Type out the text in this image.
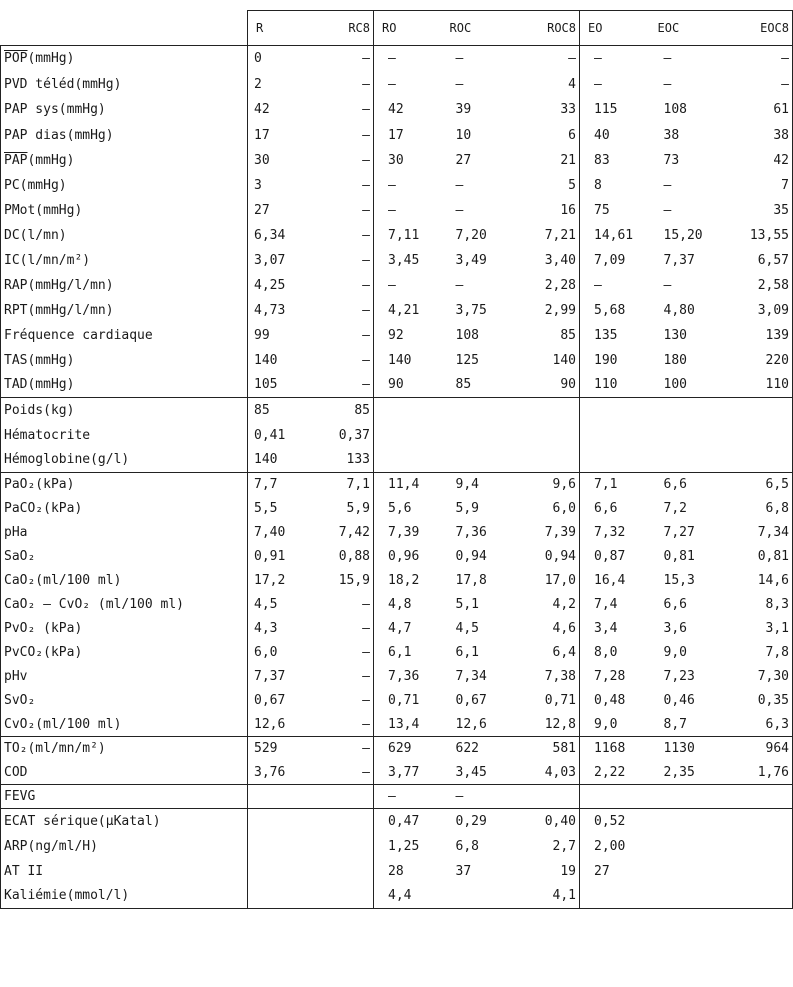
	R	RC8	RO	ROC	ROC8	EO	EOC	EOC8
$\overline{POP}(mmHg)$	0	–	–	–	–	–	–	–
PVD téléd(mmHg)	2	–	–	–	4	–	–	–
PAP sys(mmHg)	42	–	42	39	33	115	108	61
PAP dias(mmHg)	17	–	17	10	6	40	38	38
$\overline{PAP}(mmHg)$	30	–	30	27	21	83	73	42
PC(mmHg)	3	–	–	–	5	8	–	7
PMot(mmHg)	27	–	–	–	16	75	–	35
DC(l/mn)	6,34	–	7,11	7,20	7,21	14,61	15,20	13,55
IC(l/mn/m²)	3,07	–	3,45	3,49	3,40	7,09	7,37	6,57
RAP(mmHg/l/mn)	4,25	–	–	–	2,28	–	–	2,58
RPT(mmHg/l/mn)	4,73	–	4,21	3,75	2,99	5,68	4,80	3,09
Fréquence cardiaque	99	–	92	108	85	135	130	139
TAS(mmHg)	140	–	140	125	140	190	180	220
TAD(mmHg)	105	–	90	85	90	110	100	110
Poids(kg)	85	85						
Hématocrite	0,41	0,37						
Hémoglobine(g/l)	140	133						
PaO₂(kPa)	7,7	7,1	11,4	9,4	9,6	7,1	6,6	6,5
PaCO₂(kPa)	5,5	5,9	5,6	5,9	6,0	6,6	7,2	6,8
pHa	7,40	7,42	7,39	7,36	7,39	7,32	7,27	7,34
SaO₂	0,91	0,88	0,96	0,94	0,94	0,87	0,81	0,81
CaO₂(ml/100 ml)	17,2	15,9	18,2	17,8	17,0	16,4	15,3	14,6
CaO₂ – CvO₂ (ml/100 ml)	4,5	–	4,8	5,1	4,2	7,4	6,6	8,3
PvO₂ (kPa)	4,3	–	4,7	4,5	4,6	3,4	3,6	3,1
PvCO₂(kPa)	6,0	–	6,1	6,1	6,4	8,0	9,0	7,8
pHv	7,37	–	7,36	7,34	7,38	7,28	7,23	7,30
SvO₂	0,67	–	0,71	0,67	0,71	0,48	0,46	0,35
CvO₂(ml/100 ml)	12,6	–	13,4	12,6	12,8	9,0	8,7	6,3
TO₂(ml/mn/m²)	529	–	629	622	581	1168	1130	964
COD	3,76	–	3,77	3,45	4,03	2,22	2,35	1,76
FEVG			–	–				
ECAT sérique(µKatal)			0,47	0,29	0,40	0,52		
ARP(ng/ml/H)			1,25	6,8	2,7	2,00		
AT II			28	37	19	27		
Kaliémie(mmol/l)			4,4		4,1			
